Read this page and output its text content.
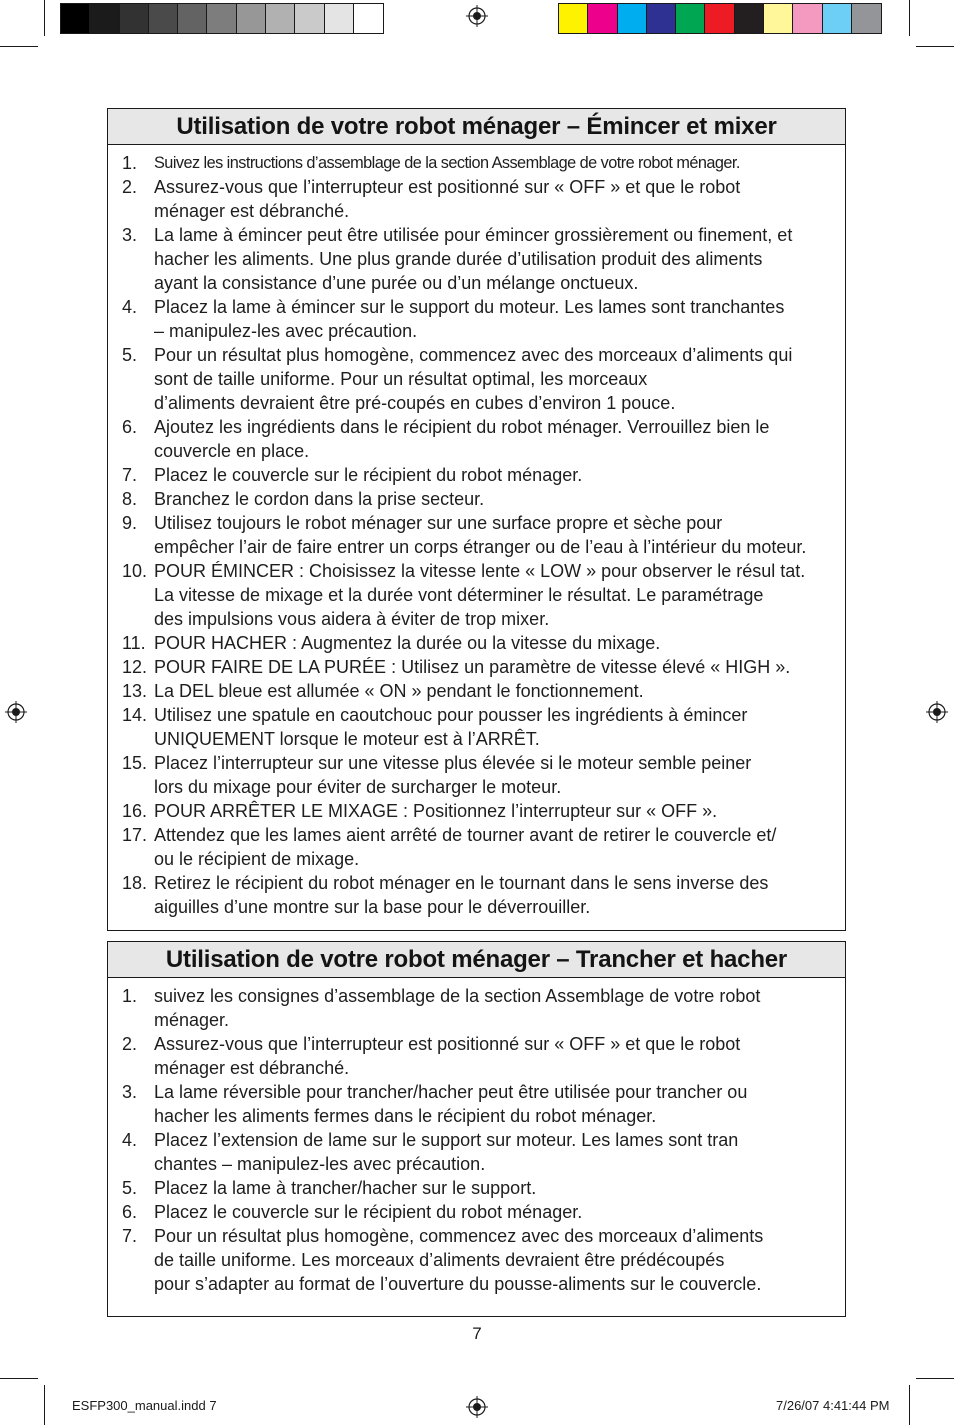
Utilisation de votre robot ménager – Émincer et mixer
1.	Suivez les instructions d’assemblage de la section Assemblage de votre robot ménager.
2. Assurez-vous que l’interrupteur est positionné sur « OFF » et que le robot
ménager est débranché.
3. La lame à émincer peut être utilisée pour émincer grossièrement ou finement, et
hacher les aliments. Une plus grande durée d’utilisation produit des aliments
ayant la consistance d’une purée ou d’un mélange onctueux.
4. Placez la lame à émincer sur le support du moteur. Les lames sont tranchantes
– manipulez-les avec précaution.
5. Pour un résultat plus homogène, commencez avec des morceaux d’aliments qui
sont de taille uniforme. Pour un résultat optimal, les morceaux
d’aliments devraient être pré-coupés en cubes d’environ 1 pouce.
6. Ajoutez les ingrédients dans le récipient du robot ménager. Verrouillez bien le
couvercle en place.
7. Placez le couvercle sur le récipient du robot ménager.
8. Branchez le cordon dans la prise secteur.
9. Utilisez toujours le robot ménager sur une surface propre et sèche pour
empêcher l’air de faire entrer un corps étranger ou de l’eau à l’intérieur du moteur.
10. POUR ÉMINCER : Choisissez la vitesse lente « LOW » pour observer le résul tat.
La vitesse de mixage et la durée vont déterminer le résultat. Le paramétrage
des impulsions vous aidera à éviter de trop mixer.
11. POUR HACHER : Augmentez la durée ou la vitesse du mixage.
12. POUR FAIRE DE LA PURÉE : Utilisez un paramètre de vitesse élevé « HIGH ».
13. La DEL bleue est allumée « ON » pendant le fonctionnement.
14. Utilisez une spatule en caoutchouc pour pousser les ingrédients à émincer
UNIQUEMENT lorsque le moteur est à l’ARRÊT.
15. Placez l’interrupteur sur une vitesse plus élevée si le moteur semble peiner
lors du mixage pour éviter de surcharger le moteur.
16. POUR ARRÊTER LE MIXAGE : Positionnez l’interrupteur sur « OFF ».
17. Attendez que les lames aient arrêté de tourner avant de retirer le couvercle et/
ou le récipient de mixage.
18. Retirez le récipient du robot ménager en le tournant dans le sens inverse des
aiguilles d’une montre sur la base pour le déverrouiller.
Utilisation de votre robot ménager – Trancher et hacher
1. suivez les consignes d’assemblage de la section Assemblage de votre robot
ménager.
2. Assurez-vous que l’interrupteur est positionné sur « OFF » et que le robot
ménager est débranché.
3. La lame réversible pour trancher/hacher peut être utilisée pour trancher ou
hacher les aliments fermes dans le récipient du robot ménager.
4. Placez l’extension de lame sur le support sur moteur. Les lames sont tran
chantes – manipulez-les avec précaution.
5. Placez la lame à trancher/hacher sur le support.
6. Placez le couvercle sur le récipient du robot ménager.
7. Pour un résultat plus homogène, commencez avec des morceaux d’aliments
de taille uniforme. Les morceaux d’aliments devraient être prédécoupés
pour s’adapter au format de l’ouverture du pousse-aliments sur le couvercle.
7
ESFP300_manual.indd 7	7/26/07 4:41:44 PM
